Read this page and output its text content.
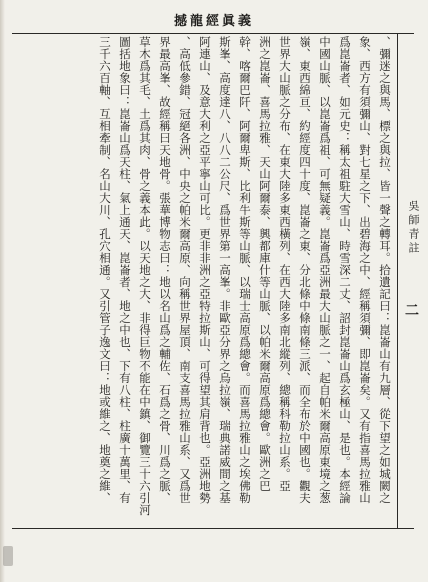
撼龍經眞義
吳師青註
二
、彌迷之與馬、標之與拉、皆一聲之轉耳。拾遺記曰：崑崙山有九層、從下望之如城闕之
象、西方有須彌山、對七星之下、出碧海之中、經稱須彌、即崑崙矣。又有指喜馬拉雅山
爲崑崙者、如元史：稱太祖駐大雪山、時雪深二丈、詔封崑崙山爲玄極山、是也。本經論
中國山脈、以崑崙爲祖、可無疑義。崑崙爲亞洲最大山脈之一、起自帕米爾高原東境之葱
嶺、東西綿亘、約經度四十度、崑崙之東、分北條中條南條三派、而全布於中國也。觀夫
世界大山脈之分布、在東大陸多東西橫列、在西大陸多南北縱列、總稱科勒拉山系。亞
洲之崑崙、喜馬拉雅、天山阿爾泰、興都庫什等山脈、以帕米爾高原爲總會。歐洲之巴
幹、喀爾巴阡、阿爾卑斯、比利牛斯等山脈、以瑞士高原爲總會。而喜馬拉雅山之埃佛勒
斯峯、高度達八、八八二公尺、爲世界第一高峯。非歐亞分界之烏拉嶺、瑞典諾威間之基
阿連山、及意大利之亞平寧山可比。更非非洲之亞特拉斯山、可得望其肩背也。亞洲地勢
、高低參錯、冠絕各洲、中央之帕米爾高原、向稱世界屋頂、南支喜馬拉雅山系、又爲世
界最高峯、故經稱曰天地骨。張華博物志曰：地以名山爲之輔佐、石爲之骨、川爲之脈、
草木爲其毛、土爲其肉、骨之義本此。以天地之大、非得巨物不能在中鎮、御覽三十六引河
圖括地象曰：崑崙山爲天柱、氣上通天、崑崙者、地之中也、下有八柱、柱廣十萬里、有
三千六百軸、互相牽制、名山大川、孔穴相通。又引管子逸文曰：地或維之、地奠之維、
